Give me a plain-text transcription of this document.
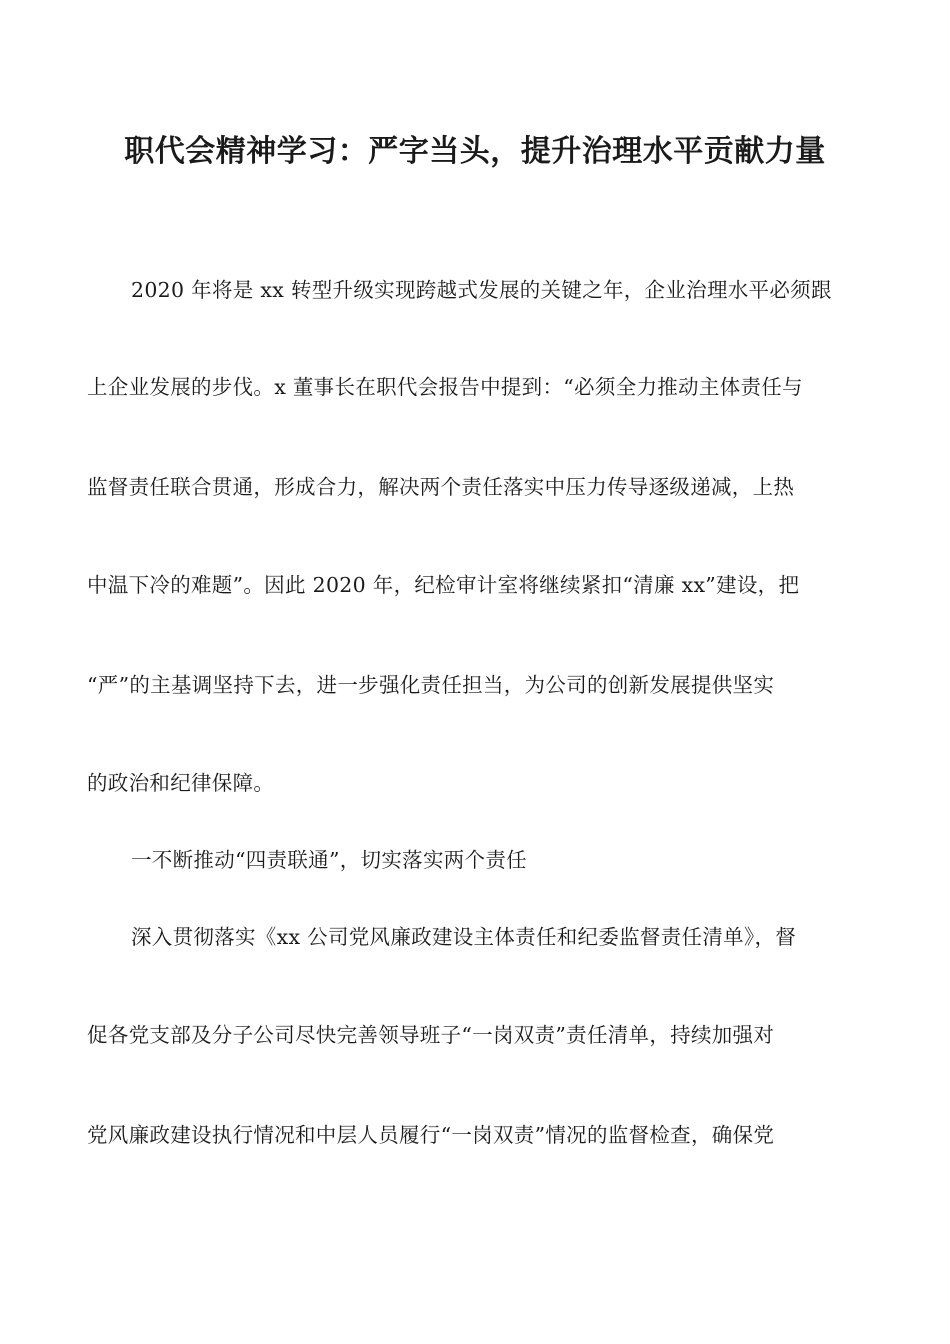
职代会精神学习：严字当头，提升治理水平贡献力量

2020 年将是 xx 转型升级实现跨越式发展的关键之年，企业治理水平必须跟

上企业发展的步伐。x 董事长在职代会报告中提到：“必须全力推动主体责任与

监督责任联合贯通，形成合力，解决两个责任落实中压力传导逐级递减，上热

中温下冷的难题”。因此 2020 年，纪检审计室将继续紧扣“清廉 xx”建设，把

“严”的主基调坚持下去，进一步强化责任担当，为公司的创新发展提供坚实

的政治和纪律保障。

一不断推动“四责联通”，切实落实两个责任

深入贯彻落实《xx 公司党风廉政建设主体责任和纪委监督责任清单》，督

促各党支部及分子公司尽快完善领导班子“一岗双责”责任清单，持续加强对

党风廉政建设执行情况和中层人员履行“一岗双责”情况的监督检查，确保党
